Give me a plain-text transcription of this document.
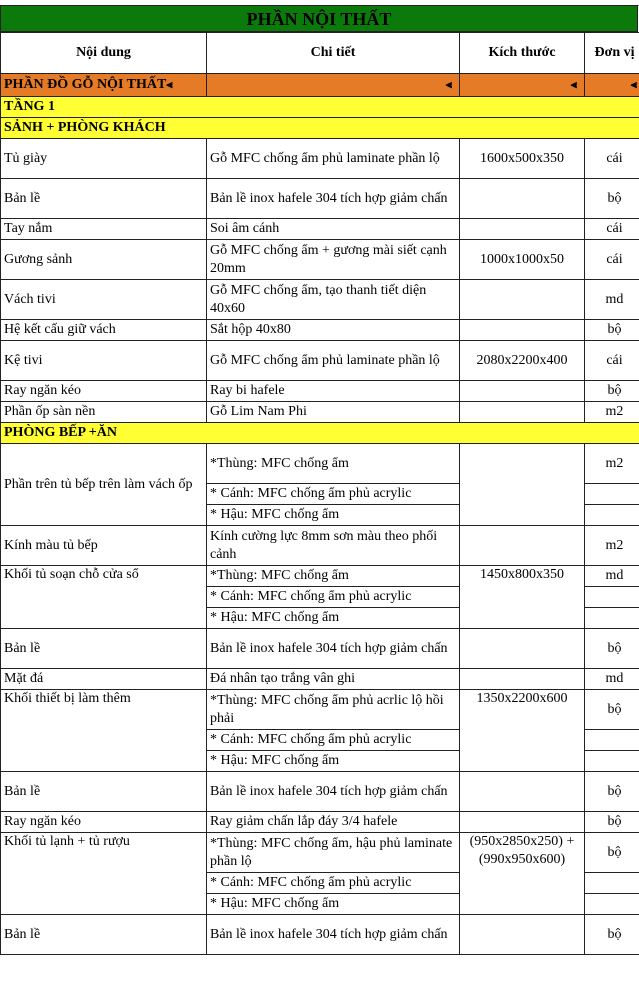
PHẦN NỘI THẤT
Nội dung	Chi tiết	Kích thước	Đơn vị
PHẦN ĐỒ GỖ NỘI THẤT⫷	⫷	⫷	⫷

TẦNG 1			
SẢNH + PHÒNG KHÁCH			
Tủ giày	Gỗ MFC chống ẩm phủ laminate phần lộ	1600x500x350	cái
Bản lề	Bản lề inox hafele 304 tích hợp giảm chấn		bộ
Tay nắm	Soi âm cánh		cái
Gương sảnh	Gỗ MFC chống ẩm + gương mài siết cạnh 20mm	1000x1000x50	cái
Vách tivi	Gỗ MFC chống ẩm, tạo thanh tiết diện 40x60		md
Hệ kết cấu giữ vách	Sắt hộp 40x80		bộ
Kệ tivi	Gỗ MFC chống ẩm phủ laminate phần lộ	2080x2200x400	cái
Ray ngăn kéo	Ray bi hafele		bộ
Phần ốp sàn nền	Gỗ Lim Nam Phi		m2
PHÒNG BẾP +ĂN			
Phần trên tủ bếp trên làm vách ốp	*Thùng: MFC chống ẩm		m2
	* Cánh: MFC chống ẩm phủ acrylic		
	* Hậu: MFC chống ẩm		
Kính màu tủ bếp	Kính cường lực 8mm sơn màu theo phối cảnh		m2
Khối tủ soạn chỗ cửa sổ	*Thùng: MFC chống ẩm	1450x800x350	md
	* Cánh: MFC chống ẩm phủ acrylic		
	* Hậu: MFC chống ẩm		
Bản lề	Bản lề inox hafele 304 tích hợp giảm chấn		bộ
Mặt đá	Đá nhân tạo trắng vân ghi		md
Khối thiết bị làm thêm	*Thùng: MFC chống ẩm phủ acrlic lộ hồi phải	1350x2200x600	bộ
	* Cánh: MFC chống ẩm phủ acrylic		
	* Hậu: MFC chống ẩm		
Bản lề	Bản lề inox hafele 304 tích hợp giảm chấn		bộ
Ray ngăn kéo	Ray giảm chấn lắp đáy 3/4 hafele		bộ
Khối tủ lạnh + tủ rượu	*Thùng: MFC chống ẩm, hậu phủ laminate phần lộ	(950x2850x250) + (990x950x600)	bộ
	* Cánh: MFC chống ẩm phủ acrylic		
	* Hậu: MFC chống ẩm		
Bản lề	Bản lề inox hafele 304 tích hợp giảm chấn		bộ
